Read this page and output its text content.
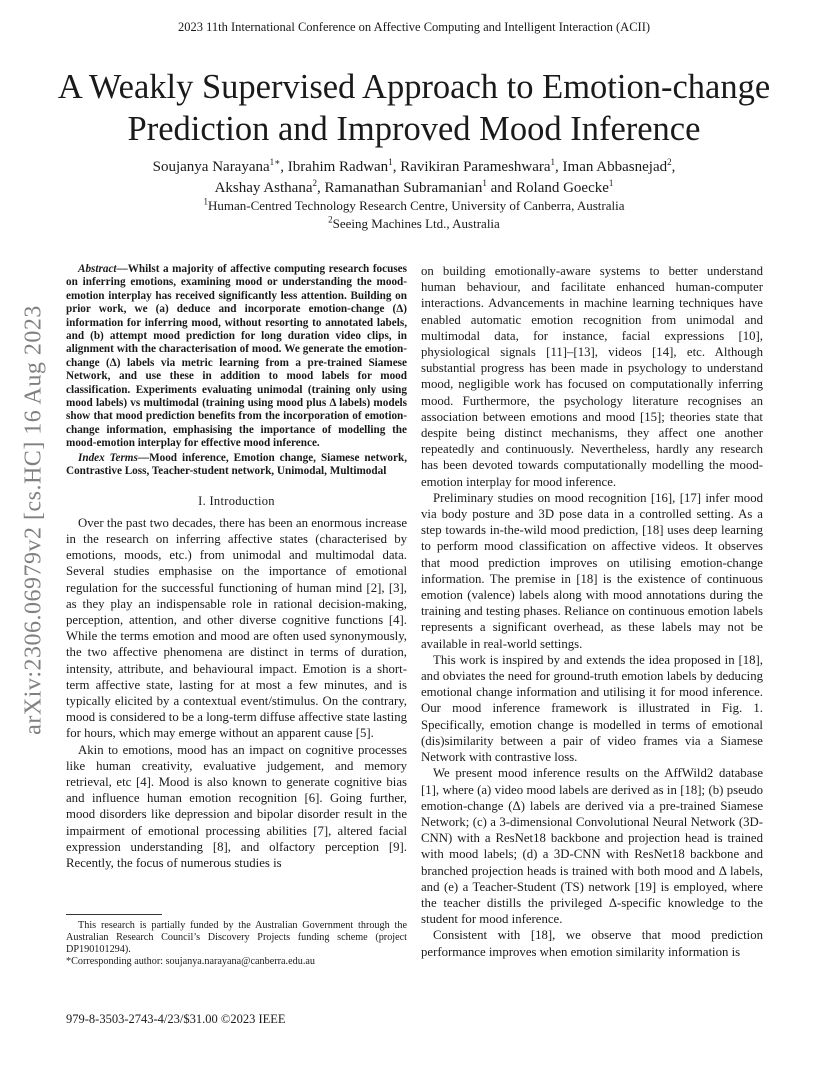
2023 11th International Conference on Affective Computing and Intelligent Interaction (ACII)
A Weakly Supervised Approach to Emotion-change
Prediction and Improved Mood Inference
Soujanya Narayana$^{1∗}$, Ibrahim Radwan$^1$, Ravikiran Parameshwara$^1$, Iman Abbasnejad$^2$,
Akshay Asthana$^2$, Ramanathan Subramanian$^1$ and Roland Goecke$^1$
$^1$Human-Centred Technology Research Centre, University of Canberra, Australia
$^2$Seeing Machines Ltd., Australia
arXiv:2306.06979v2 [cs.HC] 16 Aug 2023

Abstract—Whilst a majority of affective computing research focuses on inferring emotions, examining mood or understanding the mood-emotion interplay has received significantly less attention. Building on prior work, we (a) deduce and incorporate emotion-change (Δ) information for inferring mood, without resorting to annotated labels, and (b) attempt mood prediction for long duration video clips, in alignment with the characterisation of mood. We generate the emotion-change (Δ) labels via metric learning from a pre-trained Siamese Network, and use these in addition to mood labels for mood classification. Experiments evaluating unimodal (training only using mood labels) vs multimodal (training using mood plus Δ labels) models show that mood prediction benefits from the incorporation of emotion-change information, emphasising the importance of modelling the mood-emotion interplay for effective mood inference.

Index Terms—Mood inference, Emotion change, Siamese network, Contrastive Loss, Teacher-student network, Unimodal, Multimodal

I. Introduction

Over the past two decades, there has been an enormous increase in the research on inferring affective states (characterised by emotions, moods, etc.) from unimodal and multimodal data. Several studies emphasise on the importance of emotional regulation for the successful functioning of human mind [2], [3], as they play an indispensable role in rational decision-making, perception, attention, and other diverse cognitive functions [4]. While the terms emotion and mood are often used synonymously, the two affective phenomena are distinct in terms of duration, intensity, attribute, and behavioural impact. Emotion is a short-term affective state, lasting for at most a few minutes, and is typically elicited by a contextual event/stimulus. On the contrary, mood is considered to be a long-term diffuse affective state lasting for hours, which may emerge without an apparent cause [5].

Akin to emotions, mood has an impact on cognitive processes like human creativity, evaluative judgement, and memory retrieval, etc [4]. Mood is also known to generate cognitive bias and influence human emotion recognition [6]. Going further, mood disorders like depression and bipolar disorder result in the impairment of emotional processing abilities [7], altered facial expression understanding [8], and olfactory perception [9]. Recently, the focus of numerous studies is

on building emotionally-aware systems to better understand human behaviour, and facilitate enhanced human-computer interactions. Advancements in machine learning techniques have enabled automatic emotion recognition from unimodal and multimodal data, for instance, facial expressions [10], physiological signals [11]–[13], videos [14], etc. Although substantial progress has been made in psychology to understand mood, negligible work has focused on computationally inferring mood. Furthermore, the psychology literature recognises an association between emotions and mood [15]; theories state that despite being distinct mechanisms, they affect one another repeatedly and continuously. Nevertheless, hardly any research has been devoted towards computationally modelling the mood-emotion interplay for mood inference.

Preliminary studies on mood recognition [16], [17] infer mood via body posture and 3D pose data in a controlled setting. As a step towards in-the-wild mood prediction, [18] uses deep learning to perform mood classification on affective videos. It observes that mood prediction improves on utilising emotion-change information. The premise in [18] is the existence of continuous emotion (valence) labels along with mood annotations during the training and testing phases. Reliance on continuous emotion labels represents a significant overhead, as these labels may not be available in real-world settings.

This work is inspired by and extends the idea proposed in [18], and obviates the need for ground-truth emotion labels by deducing emotional change information and utilising it for mood inference. Our mood inference framework is illustrated in Fig. 1. Specifically, emotion change is modelled in terms of emotional (dis)similarity between a pair of video frames via a Siamese Network with contrastive loss.

We present mood inference results on the AffWild2 database [1], where (a) video mood labels are derived as in [18]; (b) pseudo emotion-change (Δ) labels are derived via a pre-trained Siamese Network; (c) a 3-dimensional Convolutional Neural Network (3D-CNN) with a ResNet18 backbone and projection head is trained with mood labels; (d) a 3D-CNN with ResNet18 backbone and branched projection heads is trained with both mood and Δ labels, and (e) a Teacher-Student (TS) network [19] is employed, where the teacher distills the privileged Δ-specific knowledge to the student for mood inference.

Consistent with [18], we observe that mood prediction performance improves when emotion similarity information is

This research is partially funded by the Australian Government through the Australian Research Council’s Discovery Projects funding scheme (project DP190101294).

*Corresponding author: soujanya.narayana@canberra.edu.au

979-8-3503-2743-4/23/$31.00 ©2023 IEEE
